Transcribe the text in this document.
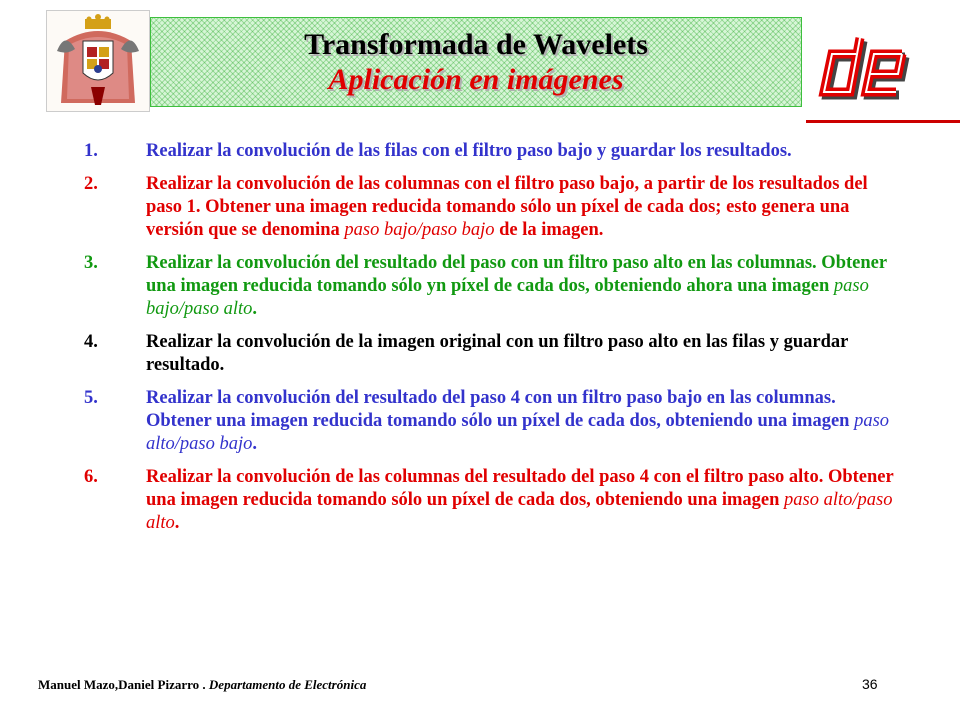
Transformada de Wavelets
Aplicación en imágenes
1.	Realizar la convolución de las filas con el filtro paso bajo y guardar los resultados.
2.	Realizar la convolución de las columnas con el filtro paso bajo, a partir de los resultados del paso 1. Obtener una imagen reducida tomando sólo un píxel de cada dos; esto genera una versión que se denomina paso bajo/paso bajo de la imagen.
3.	Realizar la convolución del resultado del paso con un filtro paso alto en las columnas. Obtener una imagen reducida tomando sólo yn píxel de cada dos, obteniendo ahora una imagen paso bajo/paso alto.
4.	Realizar la convolución de la imagen original con un filtro paso alto en las filas y guardar resultado.
5.	Realizar la convolución del resultado del paso 4 con un filtro paso bajo en las columnas. Obtener una imagen reducida tomando sólo un píxel de cada dos, obteniendo una imagen paso alto/paso bajo.
6.	Realizar la convolución de las columnas del resultado del paso 4 con el filtro paso alto. Obtener una imagen reducida tomando sólo un píxel de cada dos, obteniendo una imagen paso alto/paso alto.
Manuel Mazo,Daniel Pizarro . Departamento de Electrónica	36
